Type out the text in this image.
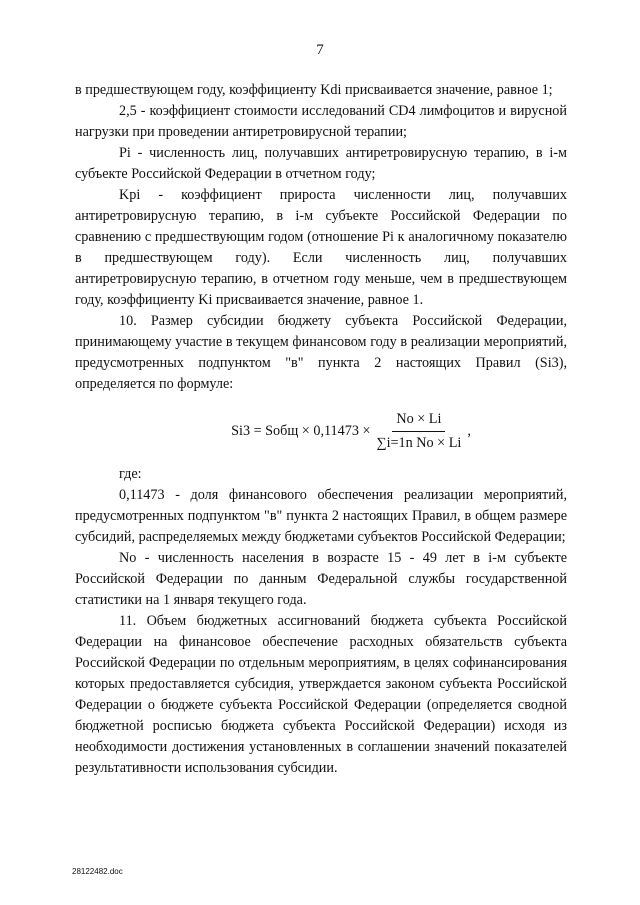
7

в предшествующем году, коэффициенту Kdi присваивается значение, равное 1;

2,5 - коэффициент стоимости исследований CD4 лимфоцитов и вирусной нагрузки при проведении антиретровирусной терапии;

Pi - численность лиц, получавших антиретровирусную терапию, в i-м субъекте Российской Федерации в отчетном году;

Kpi - коэффициент прироста численности лиц, получавших антиретровирусную терапию, в i-м субъекте Российской Федерации по сравнению с предшествующим годом (отношение Pi к аналогичному показателю в предшествующем году). Если численность лиц, получавших антиретровирусную терапию, в отчетном году меньше, чем в предшествующем году, коэффициенту Ki присваивается значение, равное 1.

10. Размер субсидии бюджету субъекта Российской Федерации, принимающему участие в текущем финансовом году в реализации мероприятий, предусмотренных подпунктом "в" пункта 2 настоящих Правил (Si3), определяется по формуле:

Si3 = Sобщ × $0,11473 \times \frac{No \times Li}{\text{∑i=1n No × Li}}$ ,

где:

0,11473 - доля финансового обеспечения реализации мероприятий, предусмотренных подпунктом "в" пункта 2 настоящих Правил, в общем размере субсидий, распределяемых между бюджетами субъектов Российской Федерации;

No - численность населения в возрасте 15 - 49 лет в i-м субъекте Российской Федерации по данным Федеральной службы государственной статистики на 1 января текущего года.

11. Объем бюджетных ассигнований бюджета субъекта Российской Федерации на финансовое обеспечение расходных обязательств субъекта Российской Федерации по отдельным мероприятиям, в целях софинансирования которых предоставляется субсидия, утверждается законом субъекта Российской Федерации о бюджете субъекта Российской Федерации (определяется сводной бюджетной росписью бюджета субъекта Российской Федерации) исходя из необходимости достижения установленных в соглашении значений показателей результативности использования субсидии.

28122482.doc
